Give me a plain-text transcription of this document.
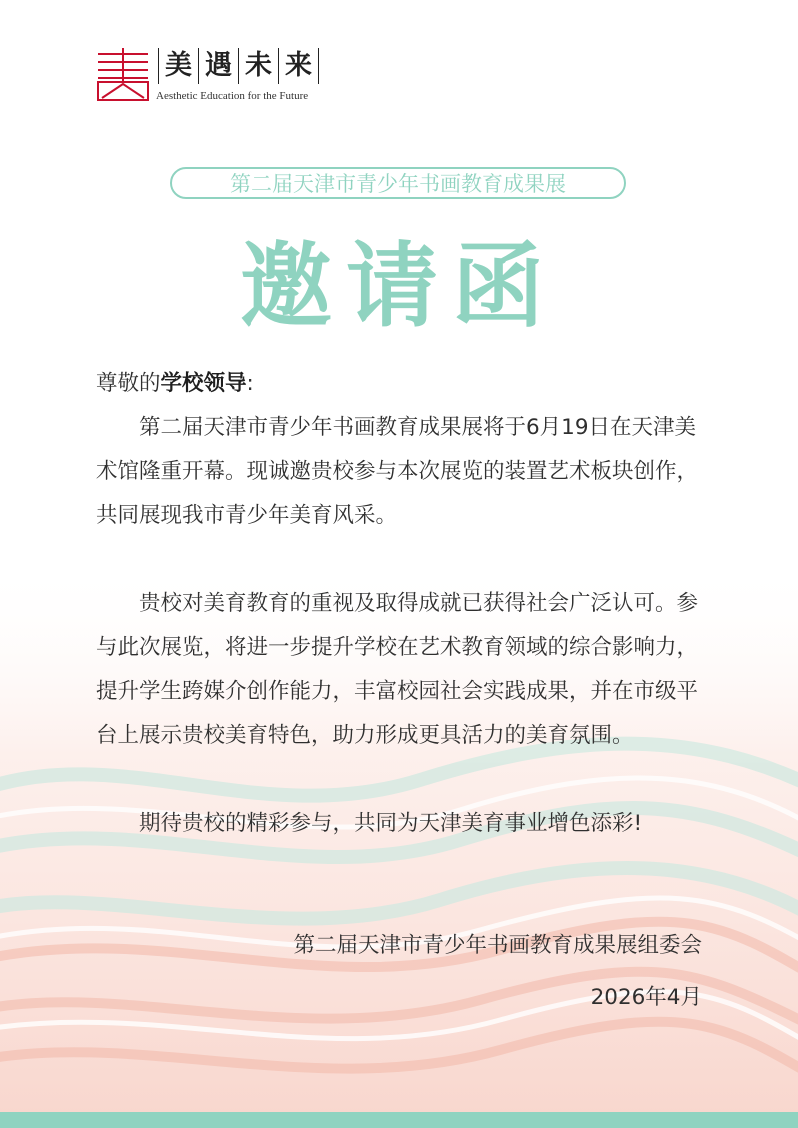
美 遇 未 来
Aesthetic Education for the Future
第二届天津市青少年书画教育成果展
邀请函

尊敬的学校领导:

第二届天津市青少年书画教育成果展将于6月19日在天津美术馆隆重开幕。现诚邀贵校参与本次展览的装置艺术板块创作，共同展现我市青少年美育风采。

贵校对美育教育的重视及取得成就已获得社会广泛认可。参与此次展览，将进一步提升学校在艺术教育领域的综合影响力，提升学生跨媒介创作能力，丰富校园社会实践成果，并在市级平台上展示贵校美育特色，助力形成更具活力的美育氛围。

期待贵校的精彩参与，共同为天津美育事业增色添彩!

第二届天津市青少年书画教育成果展组委会
2026年4月
